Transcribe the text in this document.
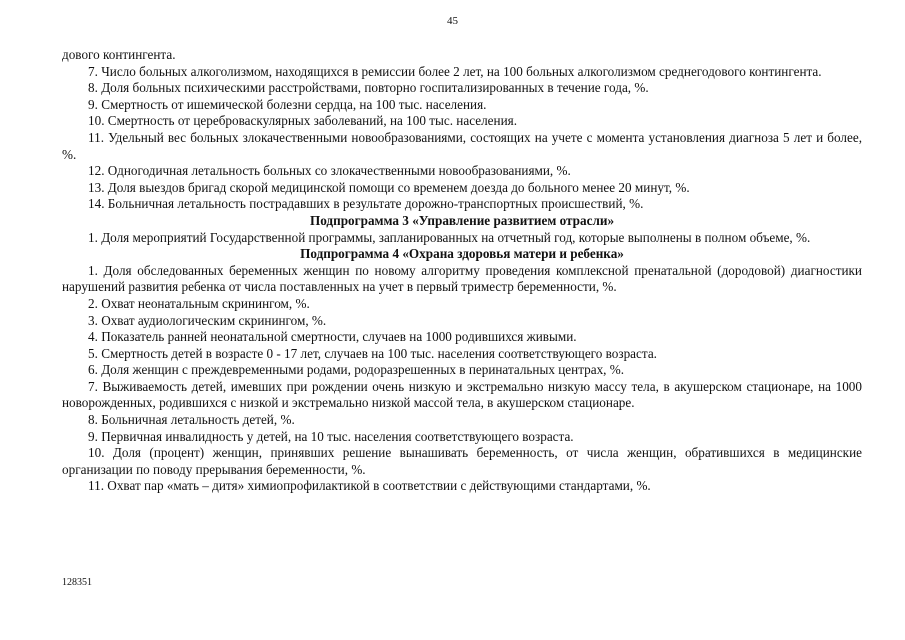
45

дового контингента.

7. Число больных алкоголизмом, находящихся в ремиссии более 2 лет, на 100 больных алкоголизмом среднегодового контингента.

8. Доля больных психическими расстройствами, повторно госпитализированных в течение года, %.

9. Смертность от ишемической болезни сердца, на 100 тыс. населения.

10. Смертность от цереброваскулярных заболеваний, на 100 тыс. населения.

11. Удельный вес больных злокачественными новообразованиями, состоящих на учете с момента установления диагноза 5 лет и более, %.

12. Одногодичная летальность больных со злокачественными новообразованиями, %.

13. Доля выездов бригад скорой медицинской помощи со временем доезда до больного менее 20 минут, %.

14. Больничная летальность пострадавших в результате дорожно-транспортных происшествий, %.

Подпрограмма 3 «Управление развитием отрасли»

1. Доля мероприятий Государственной программы, запланированных на отчетный год, которые выполнены в полном объеме, %.

Подпрограмма 4 «Охрана здоровья матери и ребенка»

1. Доля обследованных беременных женщин по новому алгоритму проведения комплексной пренатальной (дородовой) диагностики нарушений развития ребенка от числа поставленных на учет в первый триместр беременности, %.

2. Охват неонатальным скринингом, %.

3. Охват аудиологическим скринингом, %.

4. Показатель ранней неонатальной смертности, случаев на 1000 родившихся живыми.

5. Смертность детей в возрасте 0 - 17 лет, случаев на 100 тыс. населения соответствующего возраста.

6. Доля женщин с преждевременными родами, родоразрешенных в перинатальных центрах, %.

7. Выживаемость детей, имевших при рождении очень низкую и экстремально низкую массу тела, в акушерском стационаре, на 1000 новорожденных, родившихся с низкой и экстремально низкой массой тела, в акушерском стационаре.

8. Больничная летальность детей, %.

9. Первичная инвалидность у детей, на 10 тыс. населения соответствующего возраста.

10. Доля (процент) женщин, принявших решение вынашивать беременность, от числа женщин, обратившихся в медицинские организации по поводу прерывания беременности, %.

11. Охват пар «мать – дитя» химиопрофилактикой в соответствии с действующими стандартами, %.

128351
